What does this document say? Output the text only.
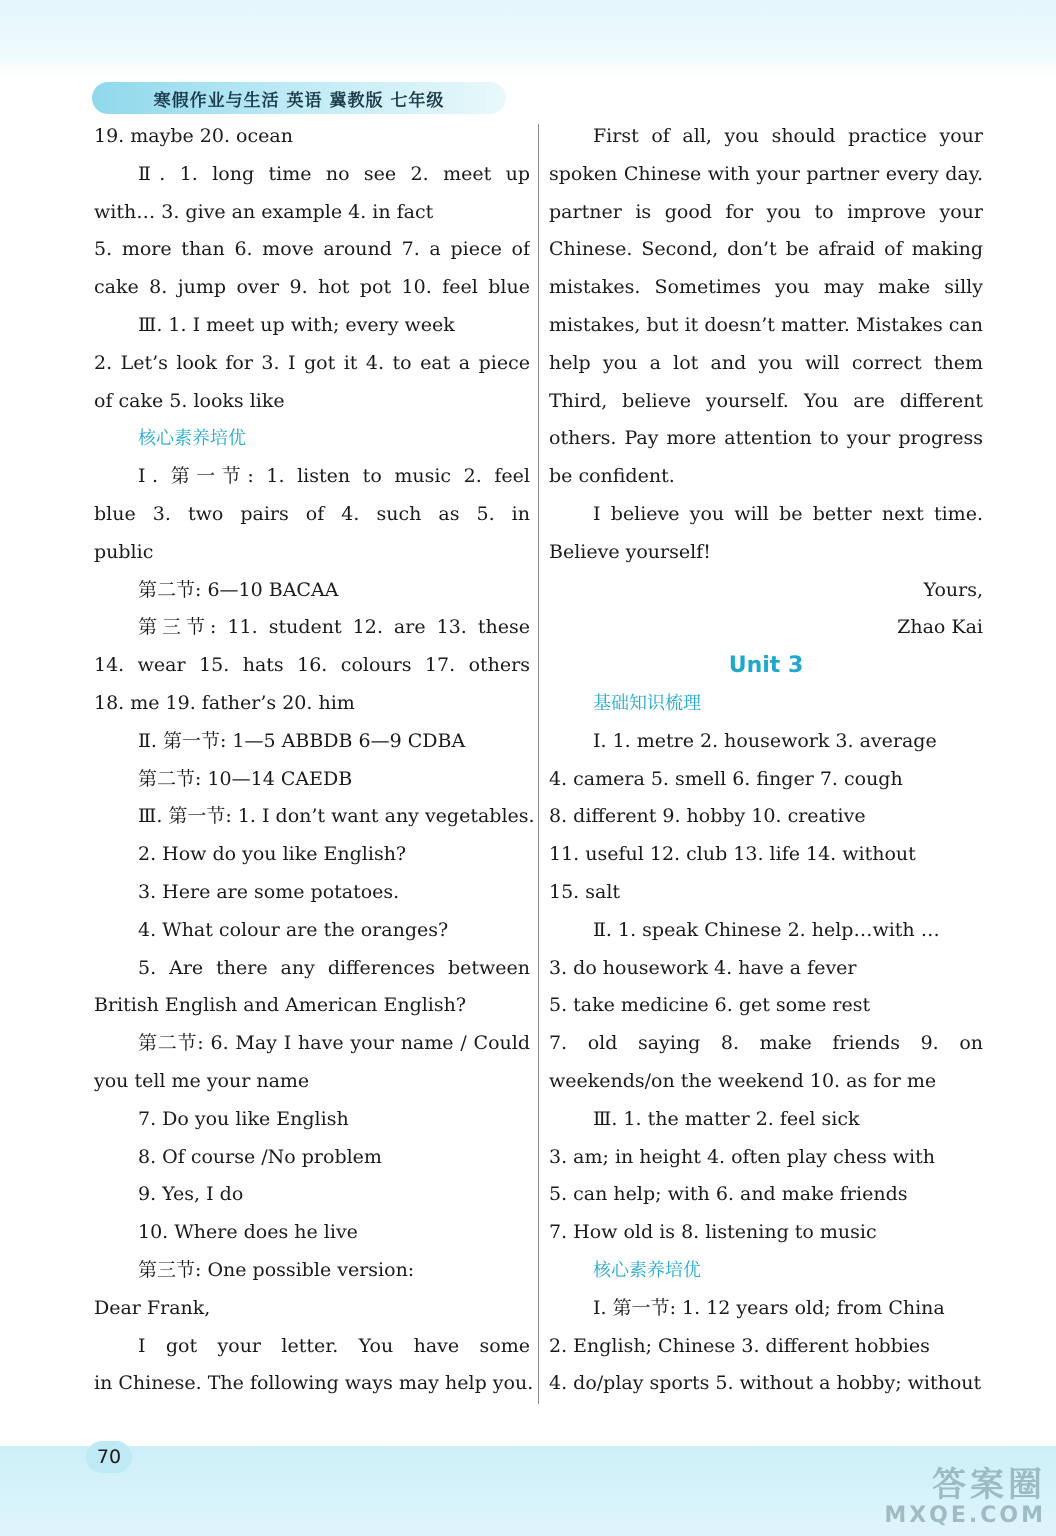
寒假作业与生活 英语 冀教版 七年级
19. maybe 20. ocean
Ⅱ. 1. long time no see 2. meet up
with… 3. give an example 4. in fact
5. more than 6. move around 7. a piece of
cake 8. jump over 9. hot pot 10. feel blue
Ⅲ. 1. I meet up with; every week
2. Let’s look for 3. I got it 4. to eat a piece
of cake 5. looks like
核心素养培优
Ⅰ. 第一节: 1. listen to music 2. feel
blue 3. two pairs of 4. such as 5. in
public
第二节: 6—10 BACAA
第三节: 11. student 12. are 13. these
14. wear 15. hats 16. colours 17. others
18. me 19. father’s 20. him
Ⅱ. 第一节: 1—5 ABBDB 6—9 CDBA
第二节: 10—14 CAEDB
Ⅲ. 第一节: 1. I don’t want any vegetables.
2. How do you like English?
3. Here are some potatoes.
4. What colour are the oranges?
5. Are there any differences between
British English and American English?
第二节: 6. May I have your name / Could
you tell me your name
7. Do you like English
8. Of course /No problem
9. Yes, I do
10. Where does he live
第三节: One possible version:
Dear Frank,
I got your letter. You have some
in Chinese. The following ways may help you.
First of all, you should practice your
spoken Chinese with your partner every day.
partner is good for you to improve your
Chinese. Second, don’t be afraid of making
mistakes. Sometimes you may make silly
mistakes, but it doesn’t matter. Mistakes can
help you a lot and you will correct them
Third, believe yourself. You are different
others. Pay more attention to your progress
be confident.
I believe you will be better next time.
Believe yourself!
Yours,
Zhao Kai
Unit 3
基础知识梳理
Ⅰ. 1. metre 2. housework 3. average
4. camera 5. smell 6. finger 7. cough
8. different 9. hobby 10. creative
11. useful 12. club 13. life 14. without
15. salt
Ⅱ. 1. speak Chinese 2. help…with …
3. do housework 4. have a fever
5. take medicine 6. get some rest
7. old saying 8. make friends 9. on
weekends/on the weekend 10. as for me
Ⅲ. 1. the matter 2. feel sick
3. am; in height 4. often play chess with
5. can help; with 6. and make friends
7. How old is 8. listening to music
核心素养培优
Ⅰ. 第一节: 1. 12 years old; from China
2. English; Chinese 3. different hobbies
4. do/play sports 5. without a hobby; without
70
答案圈
MXQE.COM
